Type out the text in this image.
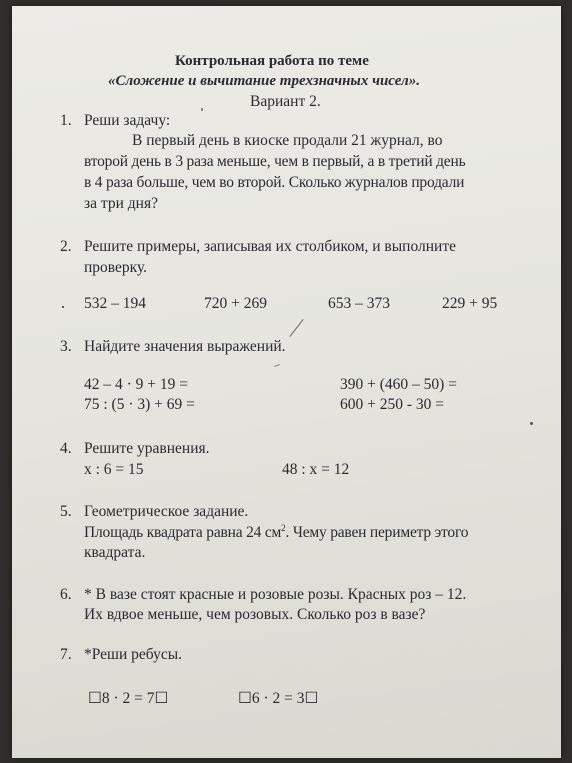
Контрольная работа по теме
«Сложение и вычитание трехзначных чисел».
Вариант 2.
1. Реши задачу:
В первый день в киоске продали 21 журнал, во
второй день в 3 раза меньше, чем в первый, а в третий день
в 4 раза больше, чем во второй. Сколько журналов продали
за три дня?
2. Решите примеры, записывая их столбиком, и выполните
проверку.
532 – 194	720 + 269	653 – 373	229 + 95
3. Найдите значения выражений.
42 – 4 · 9 + 19 =	390 + (460 – 50) =
75 : (5 · 3) + 69 =	600 + 250 - 30 =
4. Решите уравнения.
x : 6 = 15	48 : x = 12
5. Геометрическое задание.
Площадь квадрата равна 24 $см^2$. Чему равен периметр этого
квадрата.
6. * В вазе стоят красные и розовые розы. Красных роз – 12.
Их вдвое меньше, чем розовых. Сколько роз в вазе?
7. *Реши ребусы.
☐8 · 2 = 7☐	☐6 · 2 = 3☐
